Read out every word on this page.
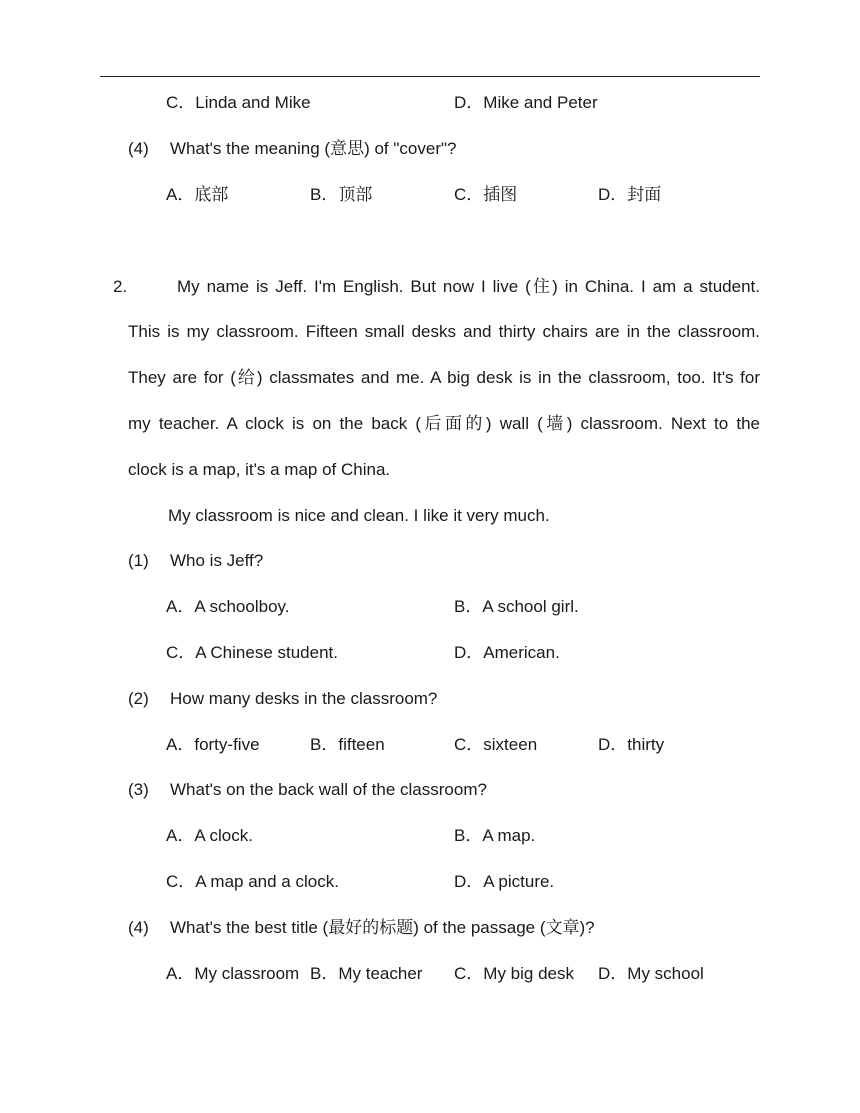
C．Linda and Mike	D．Mike and Peter
(4) What's the meaning (意思) of "cover"?
A．底部	B．顶部	C．插图	D．封面
2.	My name is Jeff. I'm English. But now I live (住) in China. I am a student.
This is my classroom. Fifteen small desks and thirty chairs are in the classroom.
They are for (给) classmates and me. A big desk is in the classroom, too. It's for
my teacher. A clock is on the back (后面的) wall (墙) classroom. Next to the
clock is a map, it's a map of China.
My classroom is nice and clean. I like it very much.
(1) Who is Jeff?
A．A schoolboy.	B．A school girl.
C．A Chinese student.	D．American.
(2) How many desks in the classroom?
A．forty-five	B．fifteen	C．sixteen	D．thirty
(3) What's on the back wall of the classroom?
A．A clock.	B．A map.
C．A map and a clock.	D．A picture.
(4) What's the best title (最好的标题) of the passage (文章)?
A．My classroom B．My teacher C．My big desk D．My school
